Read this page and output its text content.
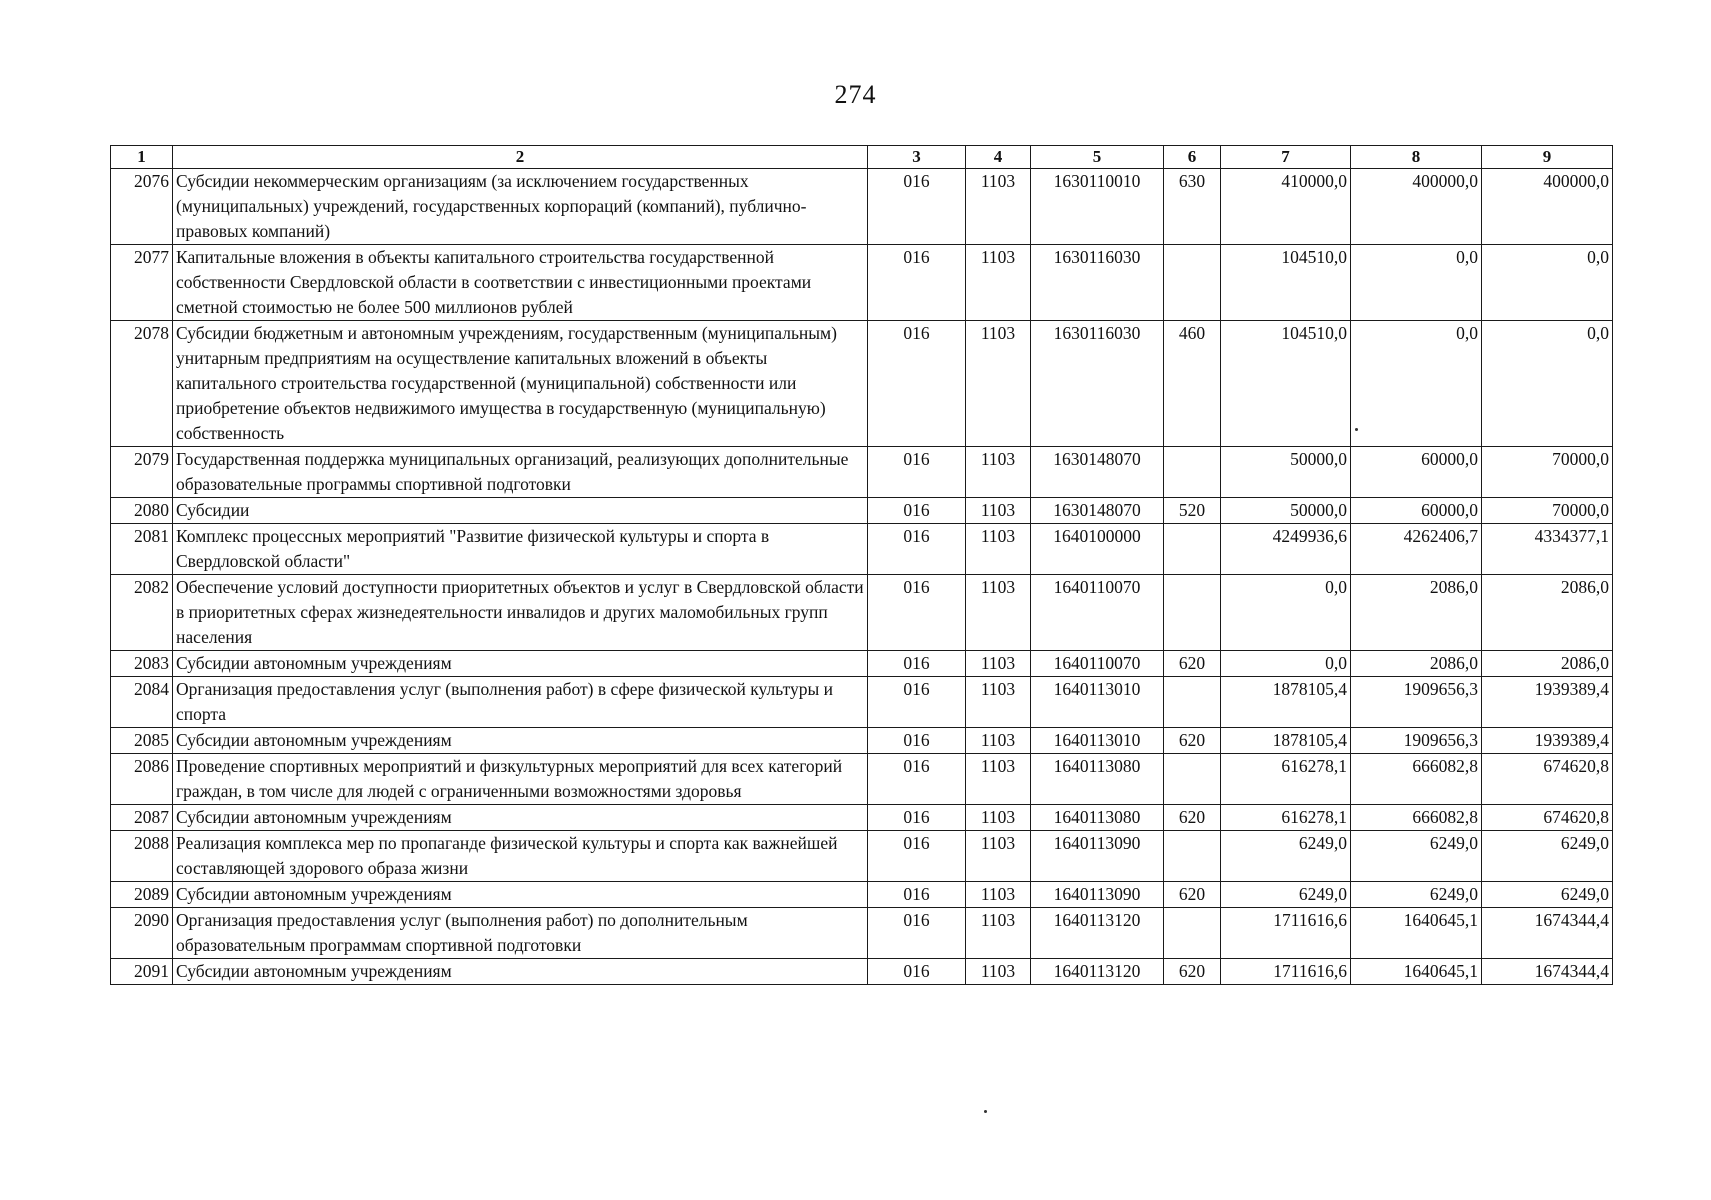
274
1	2	3	4	5	6	7	8	9
2076	Субсидии некоммерческим организациям (за исключением государственных (муниципальных) учреждений, государственных корпораций (компаний), публично-правовых компаний)	016	1103	1630110010	630	410000,0	400000,0	400000,0
2077	Капитальные вложения в объекты капитального строительства государственной собственности Свердловской области в соответствии с инвестиционными проектами сметной стоимостью не более 500 миллионов рублей	016	1103	1630116030		104510,0	0,0	0,0
2078	Субсидии бюджетным и автономным учреждениям, государственным (муниципальным) унитарным предприятиям на осуществление капитальных вложений в объекты капитального строительства государственной (муниципальной) собственности или приобретение объектов недвижимого имущества в государственную (муниципальную) собственность	016	1103	1630116030	460	104510,0	0,0	0,0
2079	Государственная поддержка муниципальных организаций, реализующих дополнительные образовательные программы спортивной подготовки	016	1103	1630148070		50000,0	60000,0	70000,0
2080	Субсидии	016	1103	1630148070	520	50000,0	60000,0	70000,0
2081	Комплекс процессных мероприятий "Развитие физической культуры и спорта в Свердловской области"	016	1103	1640100000		4249936,6	4262406,7	4334377,1
2082	Обеспечение условий доступности приоритетных объектов и услуг в Свердловской области в приоритетных сферах жизнедеятельности инвалидов и других маломобильных групп населения	016	1103	1640110070		0,0	2086,0	2086,0
2083	Субсидии автономным учреждениям	016	1103	1640110070	620	0,0	2086,0	2086,0
2084	Организация предоставления услуг (выполнения работ) в сфере физической культуры и спорта	016	1103	1640113010		1878105,4	1909656,3	1939389,4
2085	Субсидии автономным учреждениям	016	1103	1640113010	620	1878105,4	1909656,3	1939389,4
2086	Проведение спортивных мероприятий и физкультурных мероприятий для всех категорий граждан, в том числе для людей с ограниченными возможностями здоровья	016	1103	1640113080		616278,1	666082,8	674620,8
2087	Субсидии автономным учреждениям	016	1103	1640113080	620	616278,1	666082,8	674620,8
2088	Реализация комплекса мер по пропаганде физической культуры и спорта как важнейшей составляющей здорового образа жизни	016	1103	1640113090		6249,0	6249,0	6249,0
2089	Субсидии автономным учреждениям	016	1103	1640113090	620	6249,0	6249,0	6249,0
2090	Организация предоставления услуг (выполнения работ) по дополнительным образовательным программам спортивной подготовки	016	1103	1640113120		1711616,6	1640645,1	1674344,4
2091	Субсидии автономным учреждениям	016	1103	1640113120	620	1711616,6	1640645,1	1674344,4
